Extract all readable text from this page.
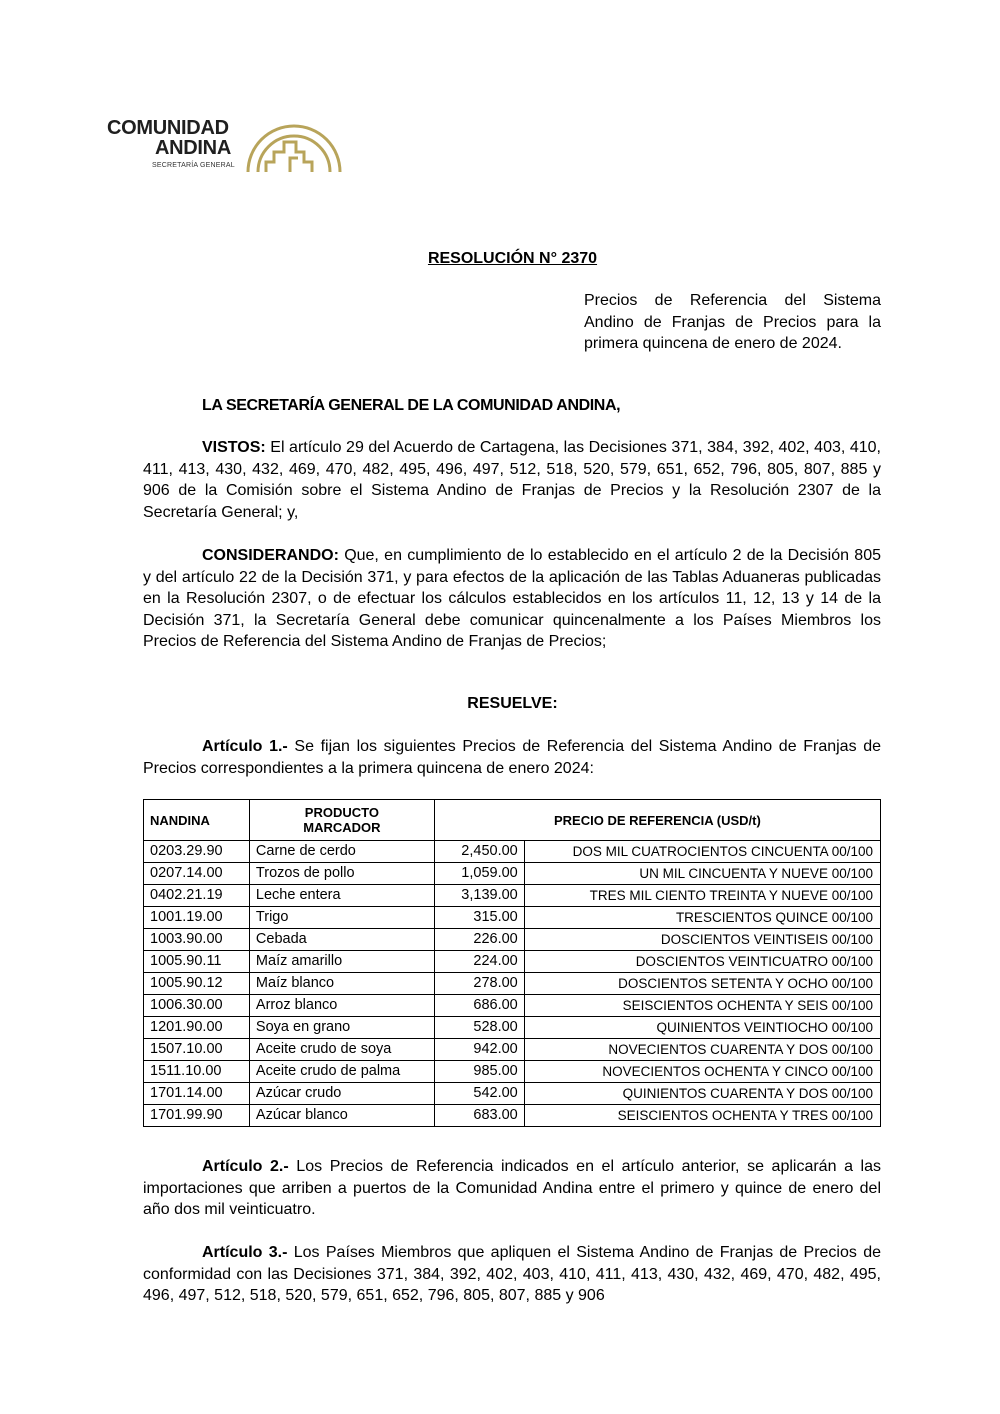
COMUNIDAD
ANDINA
SECRETARÍA GENERAL
RESOLUCIÓN N° 2370
Precios de Referencia del Sistema Andino de Franjas de Precios para la primera quincena de enero de 2024.
LA SECRETARÍA GENERAL DE LA COMUNIDAD ANDINA,
VISTOS: El artículo 29 del Acuerdo de Cartagena, las Decisiones 371, 384, 392, 402, 403, 410, 411, 413, 430, 432, 469, 470, 482, 495, 496, 497, 512, 518, 520, 579, 651, 652, 796, 805, 807, 885 y 906 de la Comisión sobre el Sistema Andino de Franjas de Precios y la Resolución 2307 de la Secretaría General; y,
CONSIDERANDO: Que, en cumplimiento de lo establecido en el artículo 2 de la Decisión 805 y del artículo 22 de la Decisión 371, y para efectos de la aplicación de las Tablas Aduaneras publicadas en la Resolución 2307, o de efectuar los cálculos establecidos en los artículos 11, 12, 13 y 14 de la Decisión 371, la Secretaría General debe comunicar quincenalmente a los Países Miembros los Precios de Referencia del Sistema Andino de Franjas de Precios;
RESUELVE:
Artículo 1.- Se fijan los siguientes Precios de Referencia del Sistema Andino de Franjas de Precios correspondientes a la primera quincena de enero 2024:
NANDINA	PRODUCTO MARCADOR	PRECIO DE REFERENCIA (USD/t)	
0203.29.90	Carne de cerdo	2,450.00	DOS MIL CUATROCIENTOS CINCUENTA 00/100
0207.14.00	Trozos de pollo	1,059.00	UN MIL CINCUENTA Y NUEVE 00/100
0402.21.19	Leche entera	3,139.00	TRES MIL CIENTO TREINTA Y NUEVE 00/100
1001.19.00	Trigo	315.00	TRESCIENTOS QUINCE 00/100
1003.90.00	Cebada	226.00	DOSCIENTOS VEINTISEIS 00/100
1005.90.11	Maíz amarillo	224.00	DOSCIENTOS VEINTICUATRO 00/100
1005.90.12	Maíz blanco	278.00	DOSCIENTOS SETENTA Y OCHO 00/100
1006.30.00	Arroz blanco	686.00	SEISCIENTOS OCHENTA Y SEIS 00/100
1201.90.00	Soya en grano	528.00	QUINIENTOS VEINTIOCHO 00/100
1507.10.00	Aceite crudo de soya	942.00	NOVECIENTOS CUARENTA Y DOS 00/100
1511.10.00	Aceite crudo de palma	985.00	NOVECIENTOS OCHENTA Y CINCO 00/100
1701.14.00	Azúcar crudo	542.00	QUINIENTOS CUARENTA Y DOS 00/100
1701.99.90	Azúcar blanco	683.00	SEISCIENTOS OCHENTA Y TRES 00/100
Artículo 2.- Los Precios de Referencia indicados en el artículo anterior, se aplicarán a las importaciones que arriben a puertos de la Comunidad Andina entre el primero y quince de enero del año dos mil veinticuatro.
Artículo 3.- Los Países Miembros que apliquen el Sistema Andino de Franjas de Precios de conformidad con las Decisiones 371, 384, 392, 402, 403, 410, 411, 413, 430, 432, 469, 470, 482, 495, 496, 497, 512, 518, 520, 579, 651, 652, 796, 805, 807, 885 y 906
